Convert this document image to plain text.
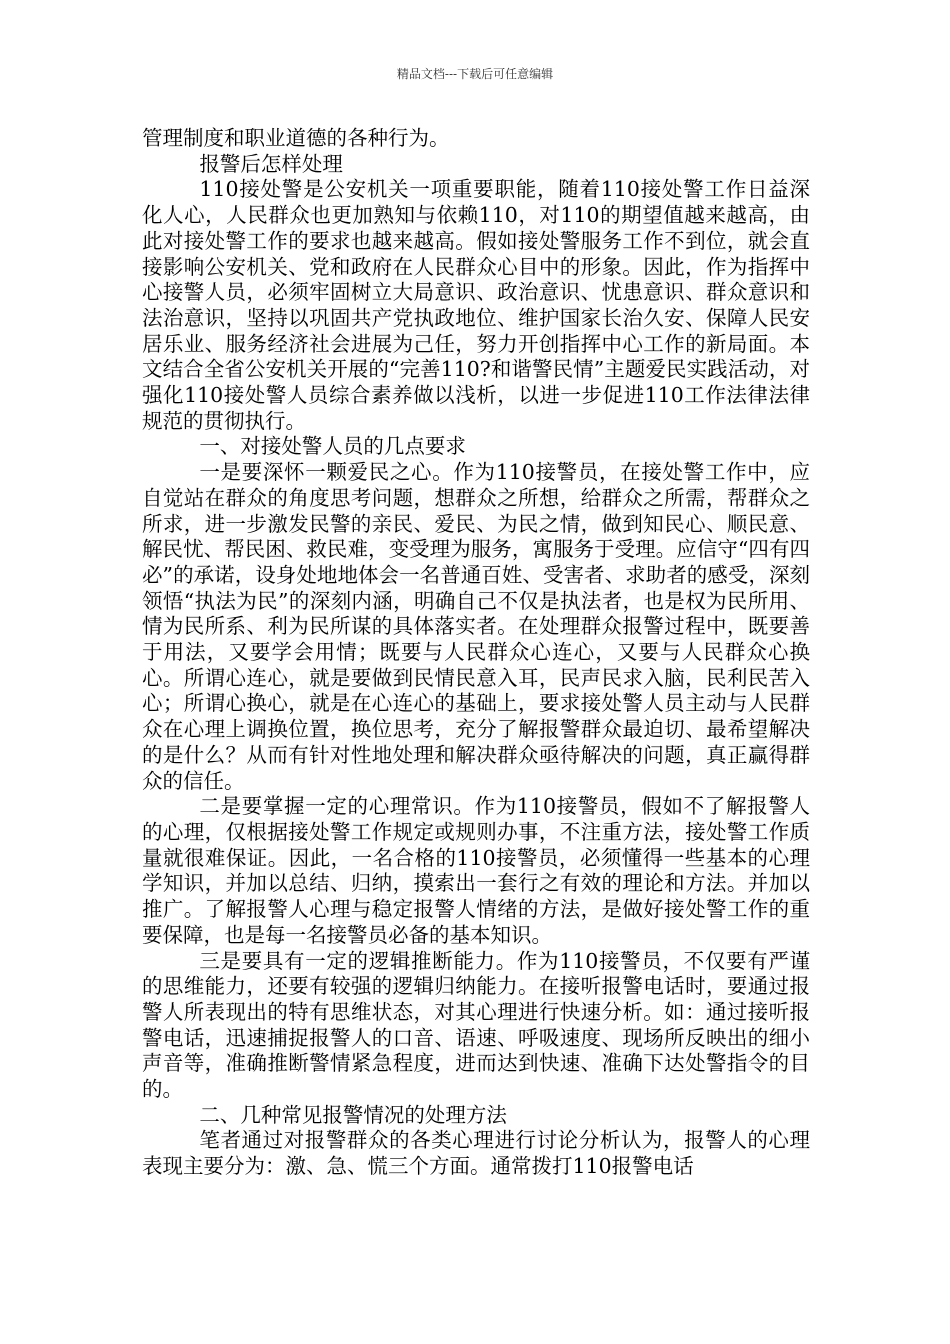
精品文档---下载后可任意编辑

管理制度和职业道德的各种行为。

报警后怎样处理

110接处警是公安机关一项重要职能，随着110接处警工作日益深化人心，人民群众也更加熟知与依赖110，对110的期望值越来越高，由此对接处警工作的要求也越来越高。假如接处警服务工作不到位，就会直接影响公安机关、党和政府在人民群众心目中的形象。因此，作为指挥中心接警人员，必须牢固树立大局意识、政治意识、忧患意识、群众意识和法治意识，坚持以巩固共产党执政地位、维护国家长治久安、保障人民安居乐业、服务经济社会进展为己任，努力开创指挥中心工作的新局面。本文结合全省公安机关开展的“完善110?和谐警民情”主题爱民实践活动，对强化110接处警人员综合素养做以浅析，以进一步促进110工作法律法律规范的贯彻执行。

一、对接处警人员的几点要求

一是要深怀一颗爱民之心。作为110接警员，在接处警工作中，应自觉站在群众的角度思考问题，想群众之所想，给群众之所需，帮群众之所求，进一步激发民警的亲民、爱民、为民之情，做到知民心、顺民意、解民忧、帮民困、救民难，变受理为服务，寓服务于受理。应信守“四有四必”的承诺，设身处地地体会一名普通百姓、受害者、求助者的感受，深刻领悟“执法为民”的深刻内涵，明确自己不仅是执法者，也是权为民所用、情为民所系、利为民所谋的具体落实者。在处理群众报警过程中，既要善于用法，又要学会用情；既要与人民群众心连心，又要与人民群众心换心。所谓心连心，就是要做到民情民意入耳，民声民求入脑，民利民苦入心；所谓心换心，就是在心连心的基础上，要求接处警人员主动与人民群众在心理上调换位置，换位思考，充分了解报警群众最迫切、最希望解决的是什么？从而有针对性地处理和解决群众亟待解决的问题，真正赢得群众的信任。

二是要掌握一定的心理常识。作为110接警员，假如不了解报警人的心理，仅根据接处警工作规定或规则办事，不注重方法，接处警工作质量就很难保证。因此，一名合格的110接警员，必须懂得一些基本的心理学知识，并加以总结、归纳，摸索出一套行之有效的理论和方法。并加以推广。了解报警人心理与稳定报警人情绪的方法，是做好接处警工作的重要保障，也是每一名接警员必备的基本知识。

三是要具有一定的逻辑推断能力。作为110接警员，不仅要有严谨的思维能力，还要有较强的逻辑归纳能力。在接听报警电话时，要通过报警人所表现出的特有思维状态，对其心理进行快速分析。如：通过接听报警电话，迅速捕捉报警人的口音、语速、呼吸速度、现场所反映出的细小声音等，准确推断警情紧急程度，进而达到快速、准确下达处警指令的目的。

二、几种常见报警情况的处理方法

笔者通过对报警群众的各类心理进行讨论分析认为，报警人的心理表现主要分为：激、急、慌三个方面。通常拨打110报警电话
